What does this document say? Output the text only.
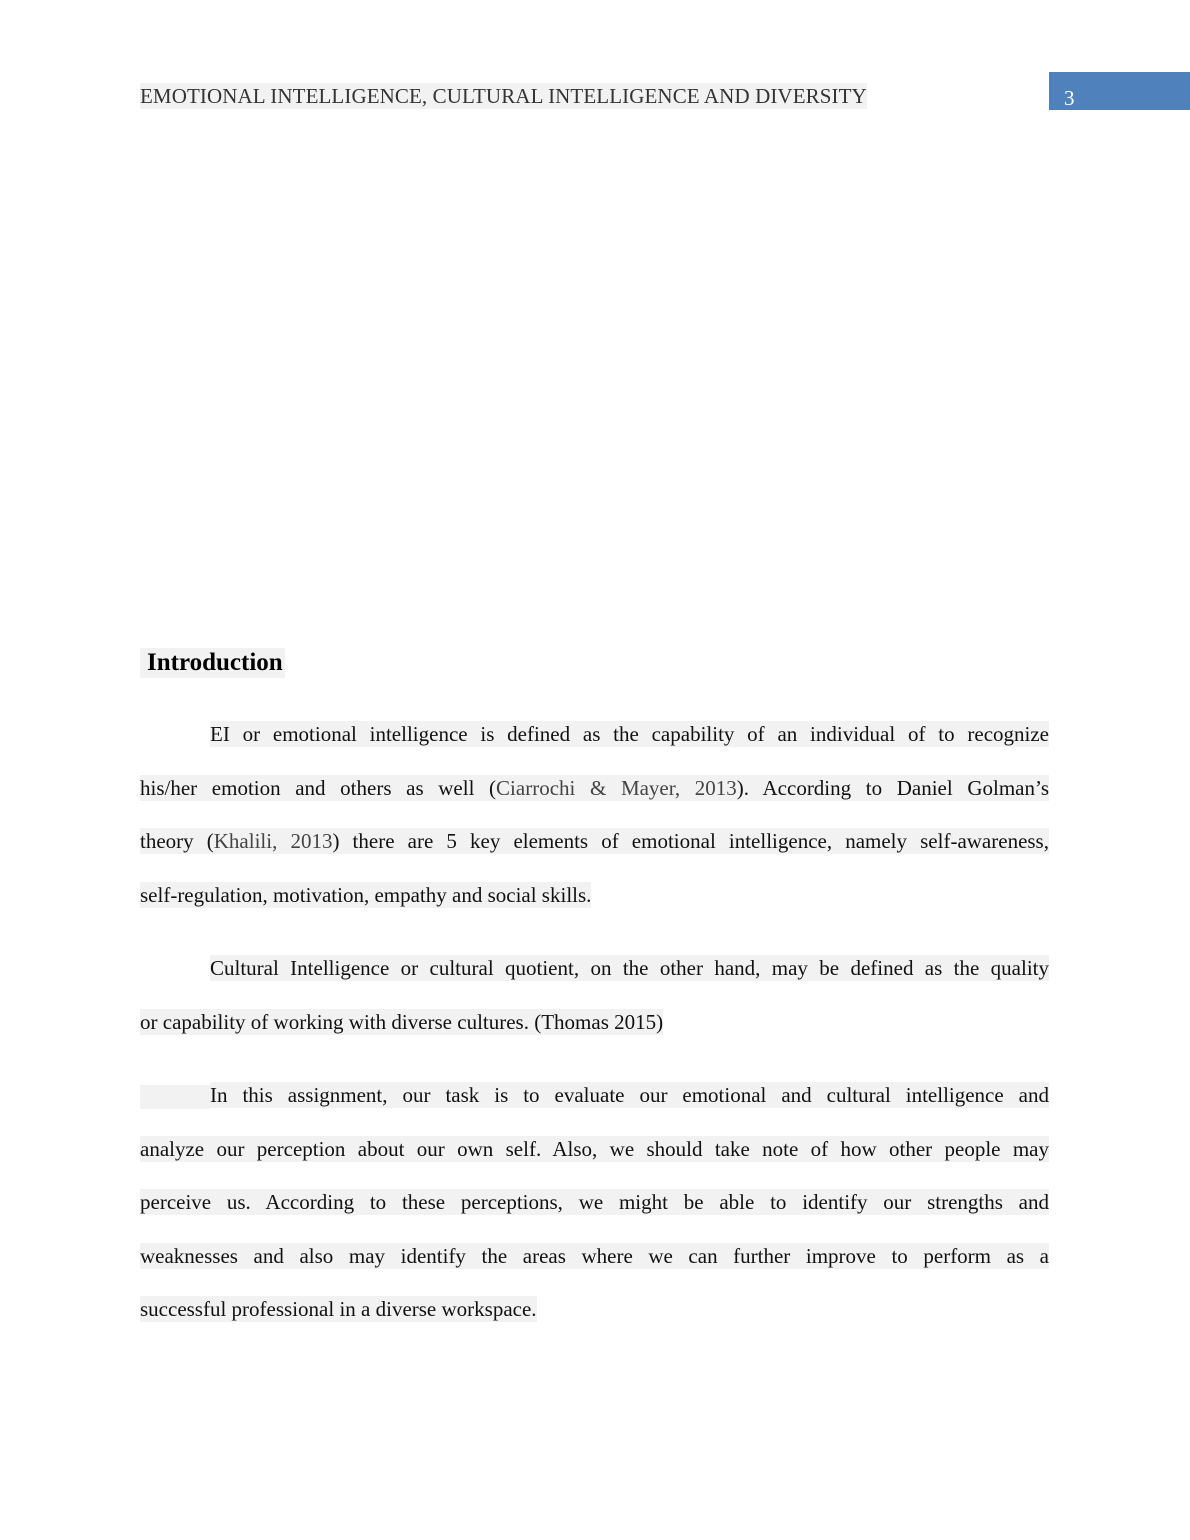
EMOTIONAL INTELLIGENCE, CULTURAL INTELLIGENCE AND DIVERSITY	3
Introduction
EI or emotional intelligence is defined as the capability of an individual of to recognize
his/her emotion and others as well (Ciarrochi & Mayer, 2013). According to Daniel Golman’s
theory (Khalili, 2013) there are 5 key elements of emotional intelligence, namely self-awareness,
self-regulation, motivation, empathy and social skills.
Cultural Intelligence or cultural quotient, on the other hand, may be defined as the quality
or capability of working with diverse cultures. (Thomas 2015)
In this assignment, our task is to evaluate our emotional and cultural intelligence and
analyze our perception about our own self. Also, we should take note of how other people may
perceive us. According to these perceptions, we might be able to identify our strengths and
weaknesses and also may identify the areas where we can further improve to perform as a
successful professional in a diverse workspace.
